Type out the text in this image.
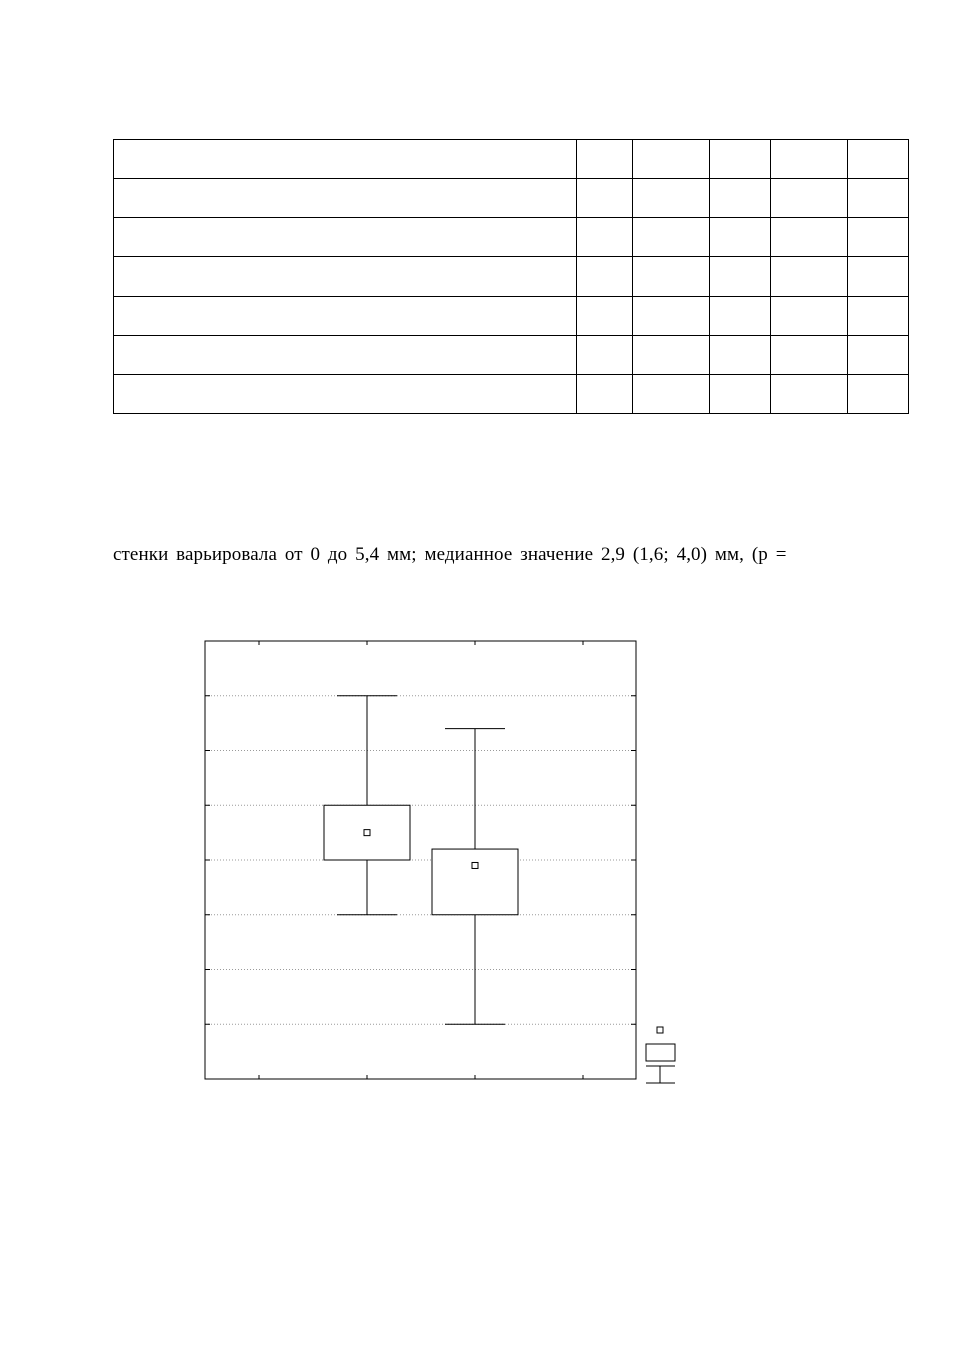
стенки варьировала от 0 до 5,4 мм; медианное значение 2,9 (1,6; 4,0) мм, (р =
